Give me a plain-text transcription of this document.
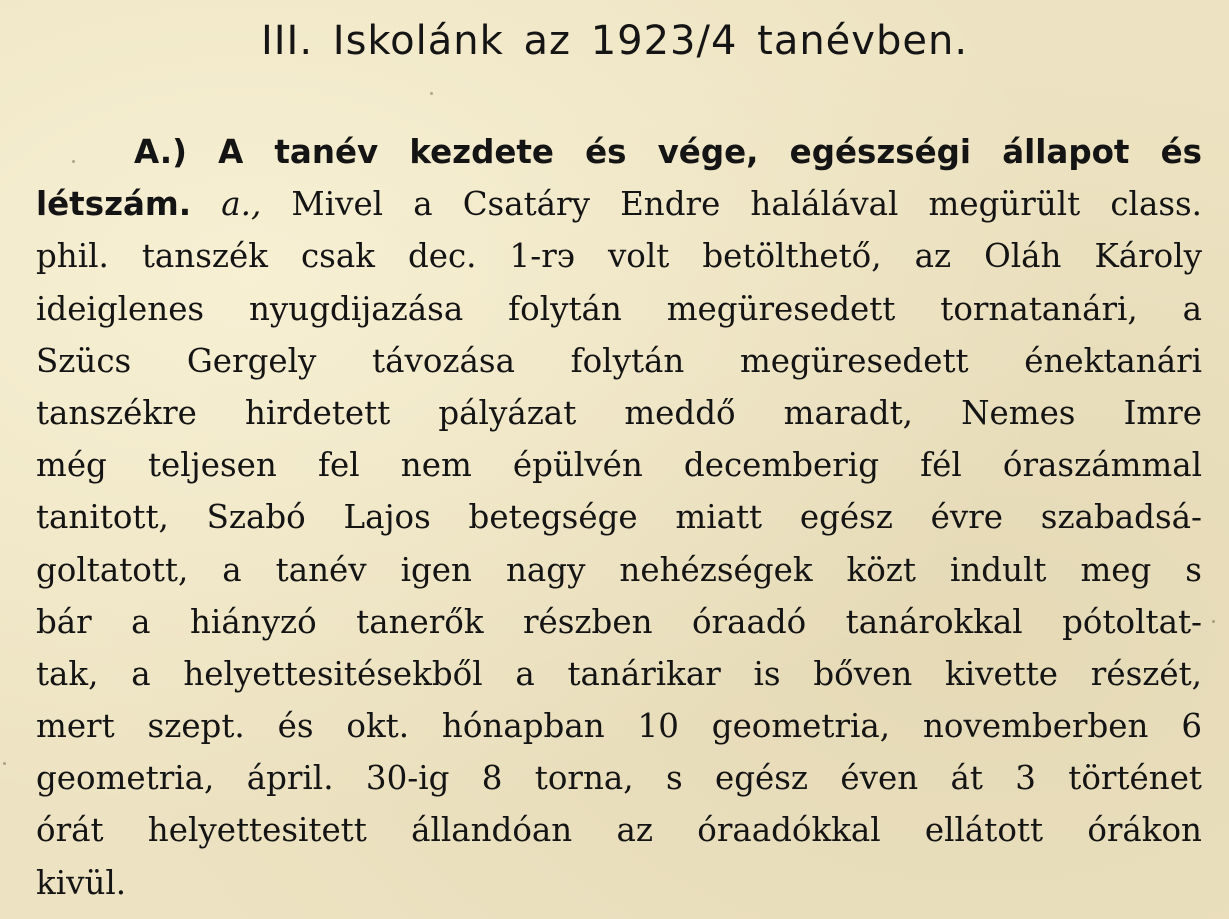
III. Iskolánk az 1923/4 tanévben.
A.) A tanév kezdete és vége, egészségi állapot és
létszám. a., Mivel a Csatáry Endre halálával megürült class.
phil. tanszék csak dec. 1-r϶ volt betölthető, az Oláh Károly
ideiglenes nyugdijazása folytán megüresedett tornatanári, a
Szücs Gergely távozása folytán megüresedett énektanári
tanszékre hirdetett pályázat meddő maradt, Nemes Imre
még teljesen fel nem épülvén decemberig fél óraszámmal
tanitott, Szabó Lajos betegsége miatt egész évre szabadsá-
goltatott, a tanév igen nagy nehézségek közt indult meg s
bár a hiányzó tanerők részben óraadó tanárokkal pótoltat-
tak, a helyettesitésekből a tanárikar is bőven kivette részét,
mert szept. és okt. hónapban 10 geometria, novemberben 6
geometria, ápril. 30-ig 8 torna, s egész éven át 3 történet
órát helyettesitett állandóan az óraadókkal ellátott órákon
kivül.
